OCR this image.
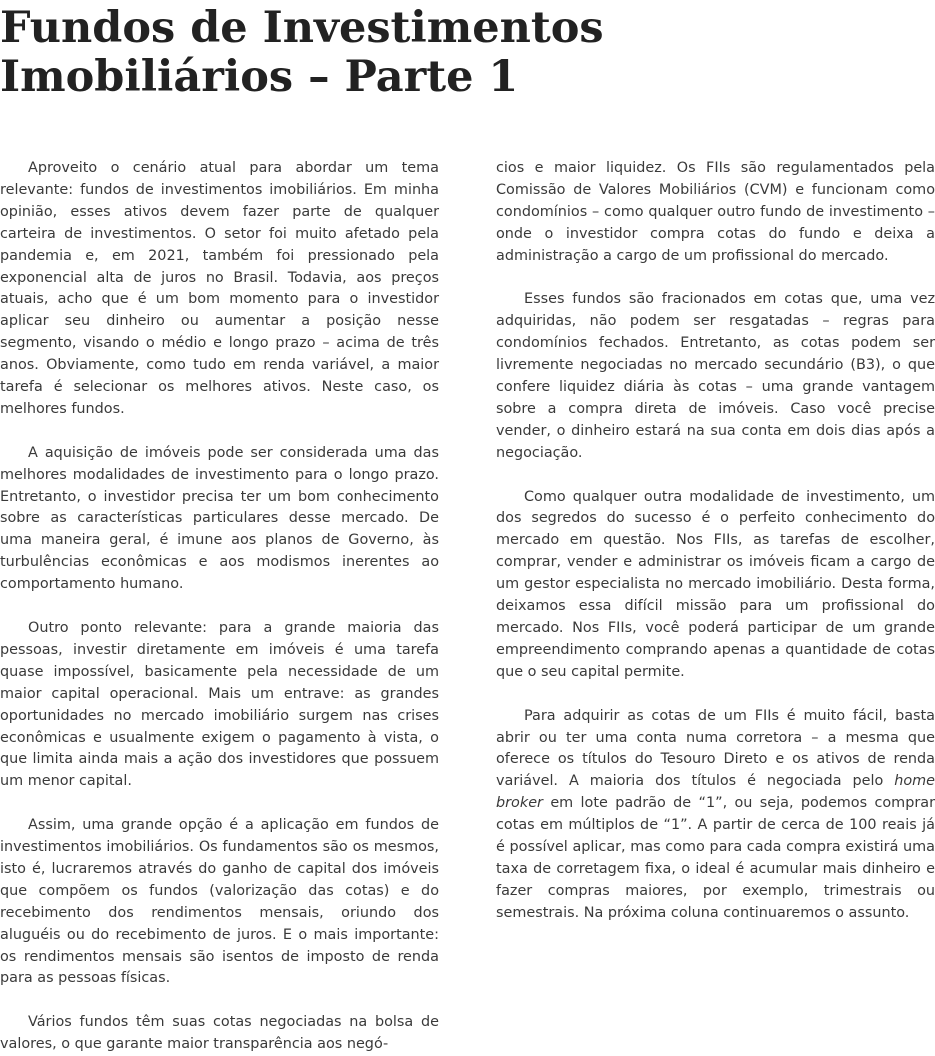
Fundos de Investimentos
Imobiliários – Parte 1

Aproveito o cenário atual para abordar um tema relevante: fundos de investimentos imobiliários. Em minha opinião, esses ativos devem fazer parte de qualquer carteira de investimentos. O setor foi muito afetado pela pandemia e, em 2021, também foi pressionado pela exponencial alta de juros no Brasil. Todavia, aos preços atuais, acho que é um bom momento para o investidor aplicar seu dinheiro ou aumentar a posição nesse segmento, visando o médio e longo prazo – acima de três anos. Obviamente, como tudo em renda variável, a maior tarefa é selecionar os melhores ativos. Neste caso, os melhores fundos.

A aquisição de imóveis pode ser considerada uma das melhores modalidades de investimento para o longo prazo. Entretanto, o investidor precisa ter um bom conhecimento sobre as características particulares desse mercado. De uma maneira geral, é imune aos planos de Governo, às turbulências econômicas e aos modismos inerentes ao comportamento humano.

Outro ponto relevante: para a grande maioria das pessoas, investir diretamente em imóveis é uma tarefa quase impossível, basicamente pela necessidade de um maior capital operacional. Mais um entrave: as grandes oportunidades no mercado imobiliário surgem nas crises econômicas e usualmente exigem o pagamento à vista, o que limita ainda mais a ação dos investidores que possuem um menor capital.

Assim, uma grande opção é a aplicação em fundos de investimentos imobiliários. Os fundamentos são os mesmos, isto é, lucraremos através do ganho de capital dos imóveis que compõem os fundos (valorização das cotas) e do recebimento dos rendimentos mensais, oriundo dos aluguéis ou do recebimento de juros. E o mais importante: os rendimentos mensais são isentos de imposto de renda para as pessoas físicas.

Vários fundos têm suas cotas negociadas na bolsa de valores, o que garante maior transparência aos negó-

cios e maior liquidez. Os FIIs são regulamentados pela Comissão de Valores Mobiliários (CVM) e funcionam como condomínios – como qualquer outro fundo de investimento – onde o investidor compra cotas do fundo e deixa a administração a cargo de um profissional do mercado.

Esses fundos são fracionados em cotas que, uma vez adquiridas, não podem ser resgatadas – regras para condomínios fechados. Entretanto, as cotas podem ser livremente negociadas no mercado secundário (B3), o que confere liquidez diária às cotas – uma grande vantagem sobre a compra direta de imóveis. Caso você precise vender, o dinheiro estará na sua conta em dois dias após a negociação.

Como qualquer outra modalidade de investimento, um dos segredos do sucesso é o perfeito conhecimento do mercado em questão. Nos FIIs, as tarefas de escolher, comprar, vender e administrar os imóveis ficam a cargo de um gestor especialista no mercado imobiliário. Desta forma, deixamos essa difícil missão para um profissional do mercado. Nos FIIs, você poderá participar de um grande empreendimento comprando apenas a quantidade de cotas que o seu capital permite.

Para adquirir as cotas de um FIIs é muito fácil, basta abrir ou ter uma conta numa corretora – a mesma que oferece os títulos do Tesouro Direto e os ativos de renda variável. A maioria dos títulos é negociada pelo home broker em lote padrão de “1”, ou seja, podemos comprar cotas em múltiplos de “1”. A partir de cerca de 100 reais já é possível aplicar, mas como para cada compra existirá uma taxa de corretagem fixa, o ideal é acumular mais dinheiro e fazer compras maiores, por exemplo, trimestrais ou semestrais. Na próxima coluna continuaremos o assunto.
